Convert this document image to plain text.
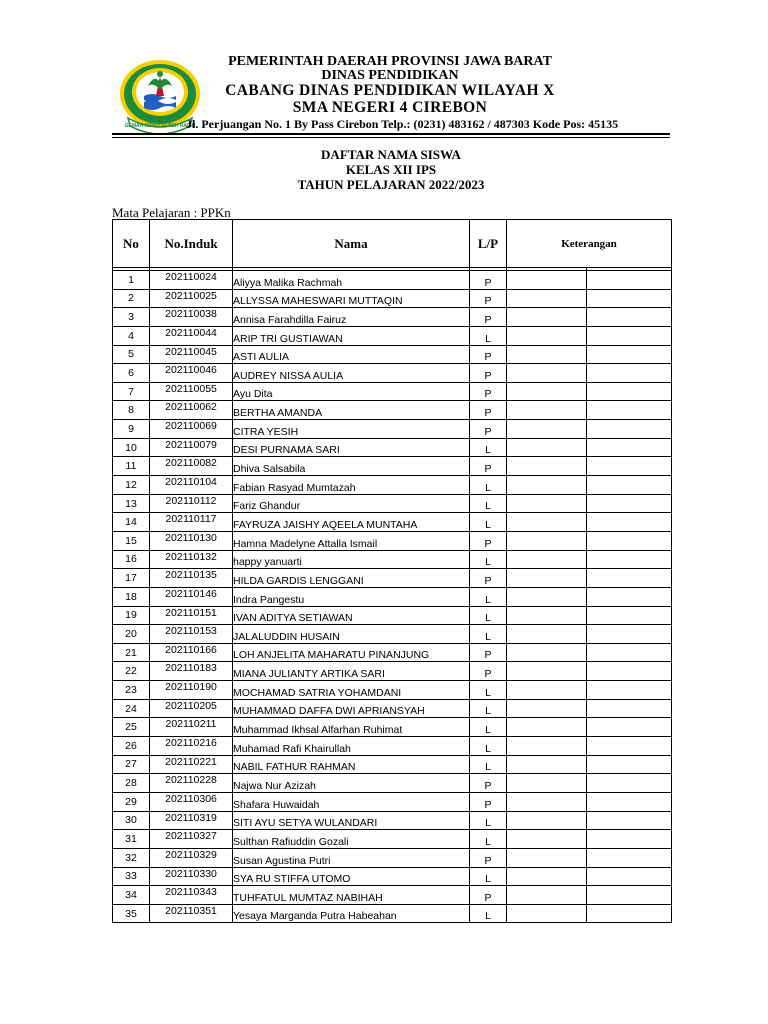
GEMAH RIPAH REPEH RAPIH
PEMERINTAH DAERAH PROVINSI JAWA BARAT
DINAS PENDIDIKAN
CABANG DINAS PENDIDIKAN WILAYAH X
SMA NEGERI 4 CIREBON
Jl. Perjuangan No. 1 By Pass Cirebon Telp.: (0231) 483162 / 487303 Kode Pos: 45135
DAFTAR NAMA SISWA
KELAS XII IPS
TAHUN PELAJARAN 2022/2023
Mata Pelajaran : PPKn
No	No.Induk	Nama	L/P	Keterangan	

1	202110024	Aliyya Malika Rachmah	P		
2	202110025	ALLYSSA MAHESWARI MUTTAQIN	P		
3	202110038	Annisa Farahdilla Fairuz	P		
4	202110044	ARIP TRI GUSTIAWAN	L		
5	202110045	ASTI AULIA	P		
6	202110046	AUDREY NISSA AULIA	P		
7	202110055	Ayu Dita	P		
8	202110062	BERTHA AMANDA	P		
9	202110069	CITRA YESIH	P		
10	202110079	DESI PURNAMA SARI	L		
11	202110082	Dhiva Salsabila	P		
12	202110104	Fabian Rasyad Mumtazah	L		
13	202110112	Fariz Ghandur	L		
14	202110117	FAYRUZA JAISHY AQEELA MUNTAHA	L		
15	202110130	Hamna Madelyne Attalla Ismail	P		
16	202110132	happy yanuarti	L		
17	202110135	HILDA GARDIS LENGGANI	P		
18	202110146	Indra Pangestu	L		
19	202110151	IVAN ADITYA SETIAWAN	L		
20	202110153	JALALUDDIN HUSAIN	L		
21	202110166	LOH ANJELITA MAHARATU PINANJUNG	P		
22	202110183	MIANA JULIANTY ARTIKA SARI	P		
23	202110190	MOCHAMAD SATRIA YOHAMDANI	L		
24	202110205	MUHAMMAD DAFFA DWI APRIANSYAH	L		
25	202110211	Muhammad Ikhsal Alfarhan Ruhimat	L		
26	202110216	Muhamad Rafi Khairullah	L		
27	202110221	NABIL FATHUR RAHMAN	L		
28	202110228	Najwa Nur Azizah	P		
29	202110306	Shafara Huwaidah	P		
30	202110319	SITI AYU SETYA WULANDARI	L		
31	202110327	Sulthan Rafiuddin Gozali	L		
32	202110329	Susan Agustina Putri	P		
33	202110330	SYA RU STIFFA UTOMO	L		
34	202110343	TUHFATUL MUMTAZ NABIHAH	P		
35	202110351	Yesaya Marganda Putra Habeahan	L		
